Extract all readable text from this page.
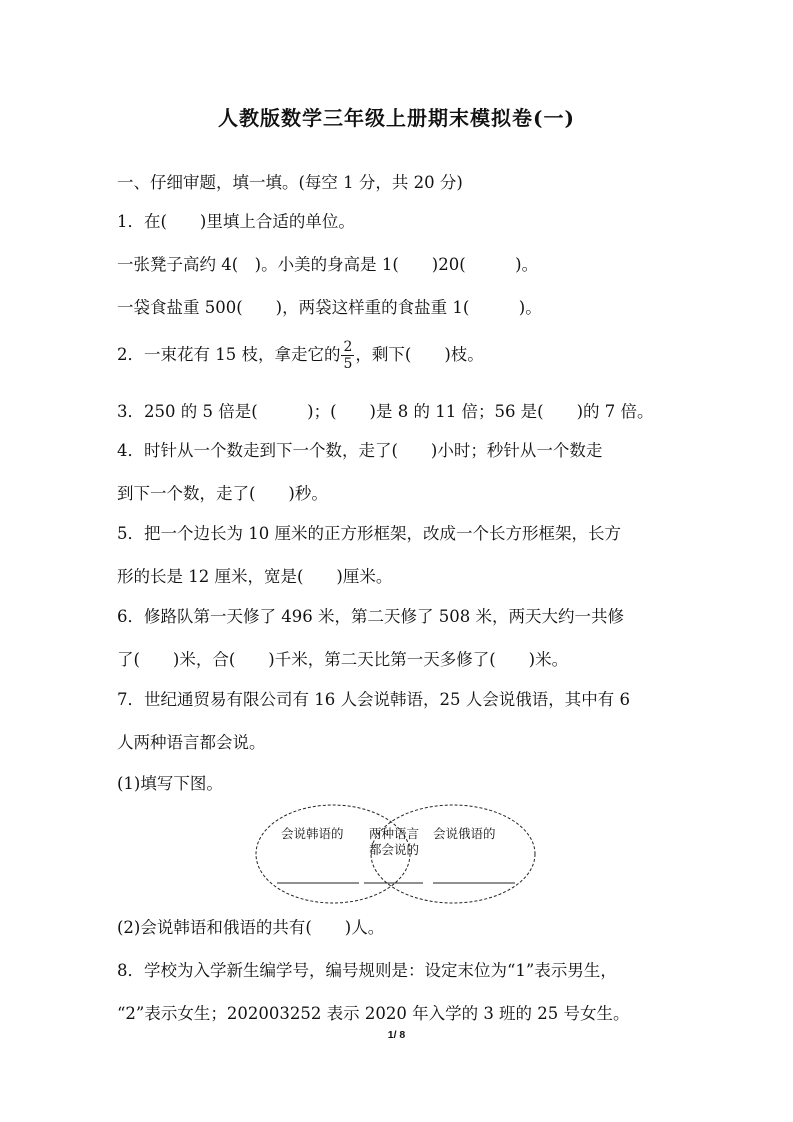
人教版数学三年级上册期末模拟卷(一)
一、仔细审题，填一填。(每空 1 分，共 20 分)
1．在(　　)里填上合适的单位。
一张凳子高约 4(　)。小美的身高是 1(　　)20(　　　)。
一袋食盐重 500(　　)，两袋这样重的食盐重 1(　　　)。
2．一束花有 15 枝，拿走它的 $\frac{2}{5}$ ，剩下(　　)枝。
3．250 的 5 倍是(　　　)；(　　)是 8 的 11 倍；56 是(　　)的 7 倍。
4．时针从一个数走到下一个数，走了(　　)小时；秒针从一个数走
到下一个数，走了(　　)秒。
5．把一个边长为 10 厘米的正方形框架，改成一个长方形框架，长方
形的长是 12 厘米，宽是(　　)厘米。
6．修路队第一天修了 496 米，第二天修了 508 米，两天大约一共修
了(　　)米，合(　　)千米，第二天比第一天多修了(　　)米。
7．世纪通贸易有限公司有 16 人会说韩语，25 人会说俄语，其中有 6
人两种语言都会说。
(1)填写下图。
会说韩语的 两种语言
都会说的
会说俄语的
(2)会说韩语和俄语的共有(　　)人。
8．学校为入学新生编学号，编号规则是：设定末位为“1”表示男生，
“2”表示女生；202003252 表示 2020 年入学的 3 班的 25 号女生。
1/ 8
